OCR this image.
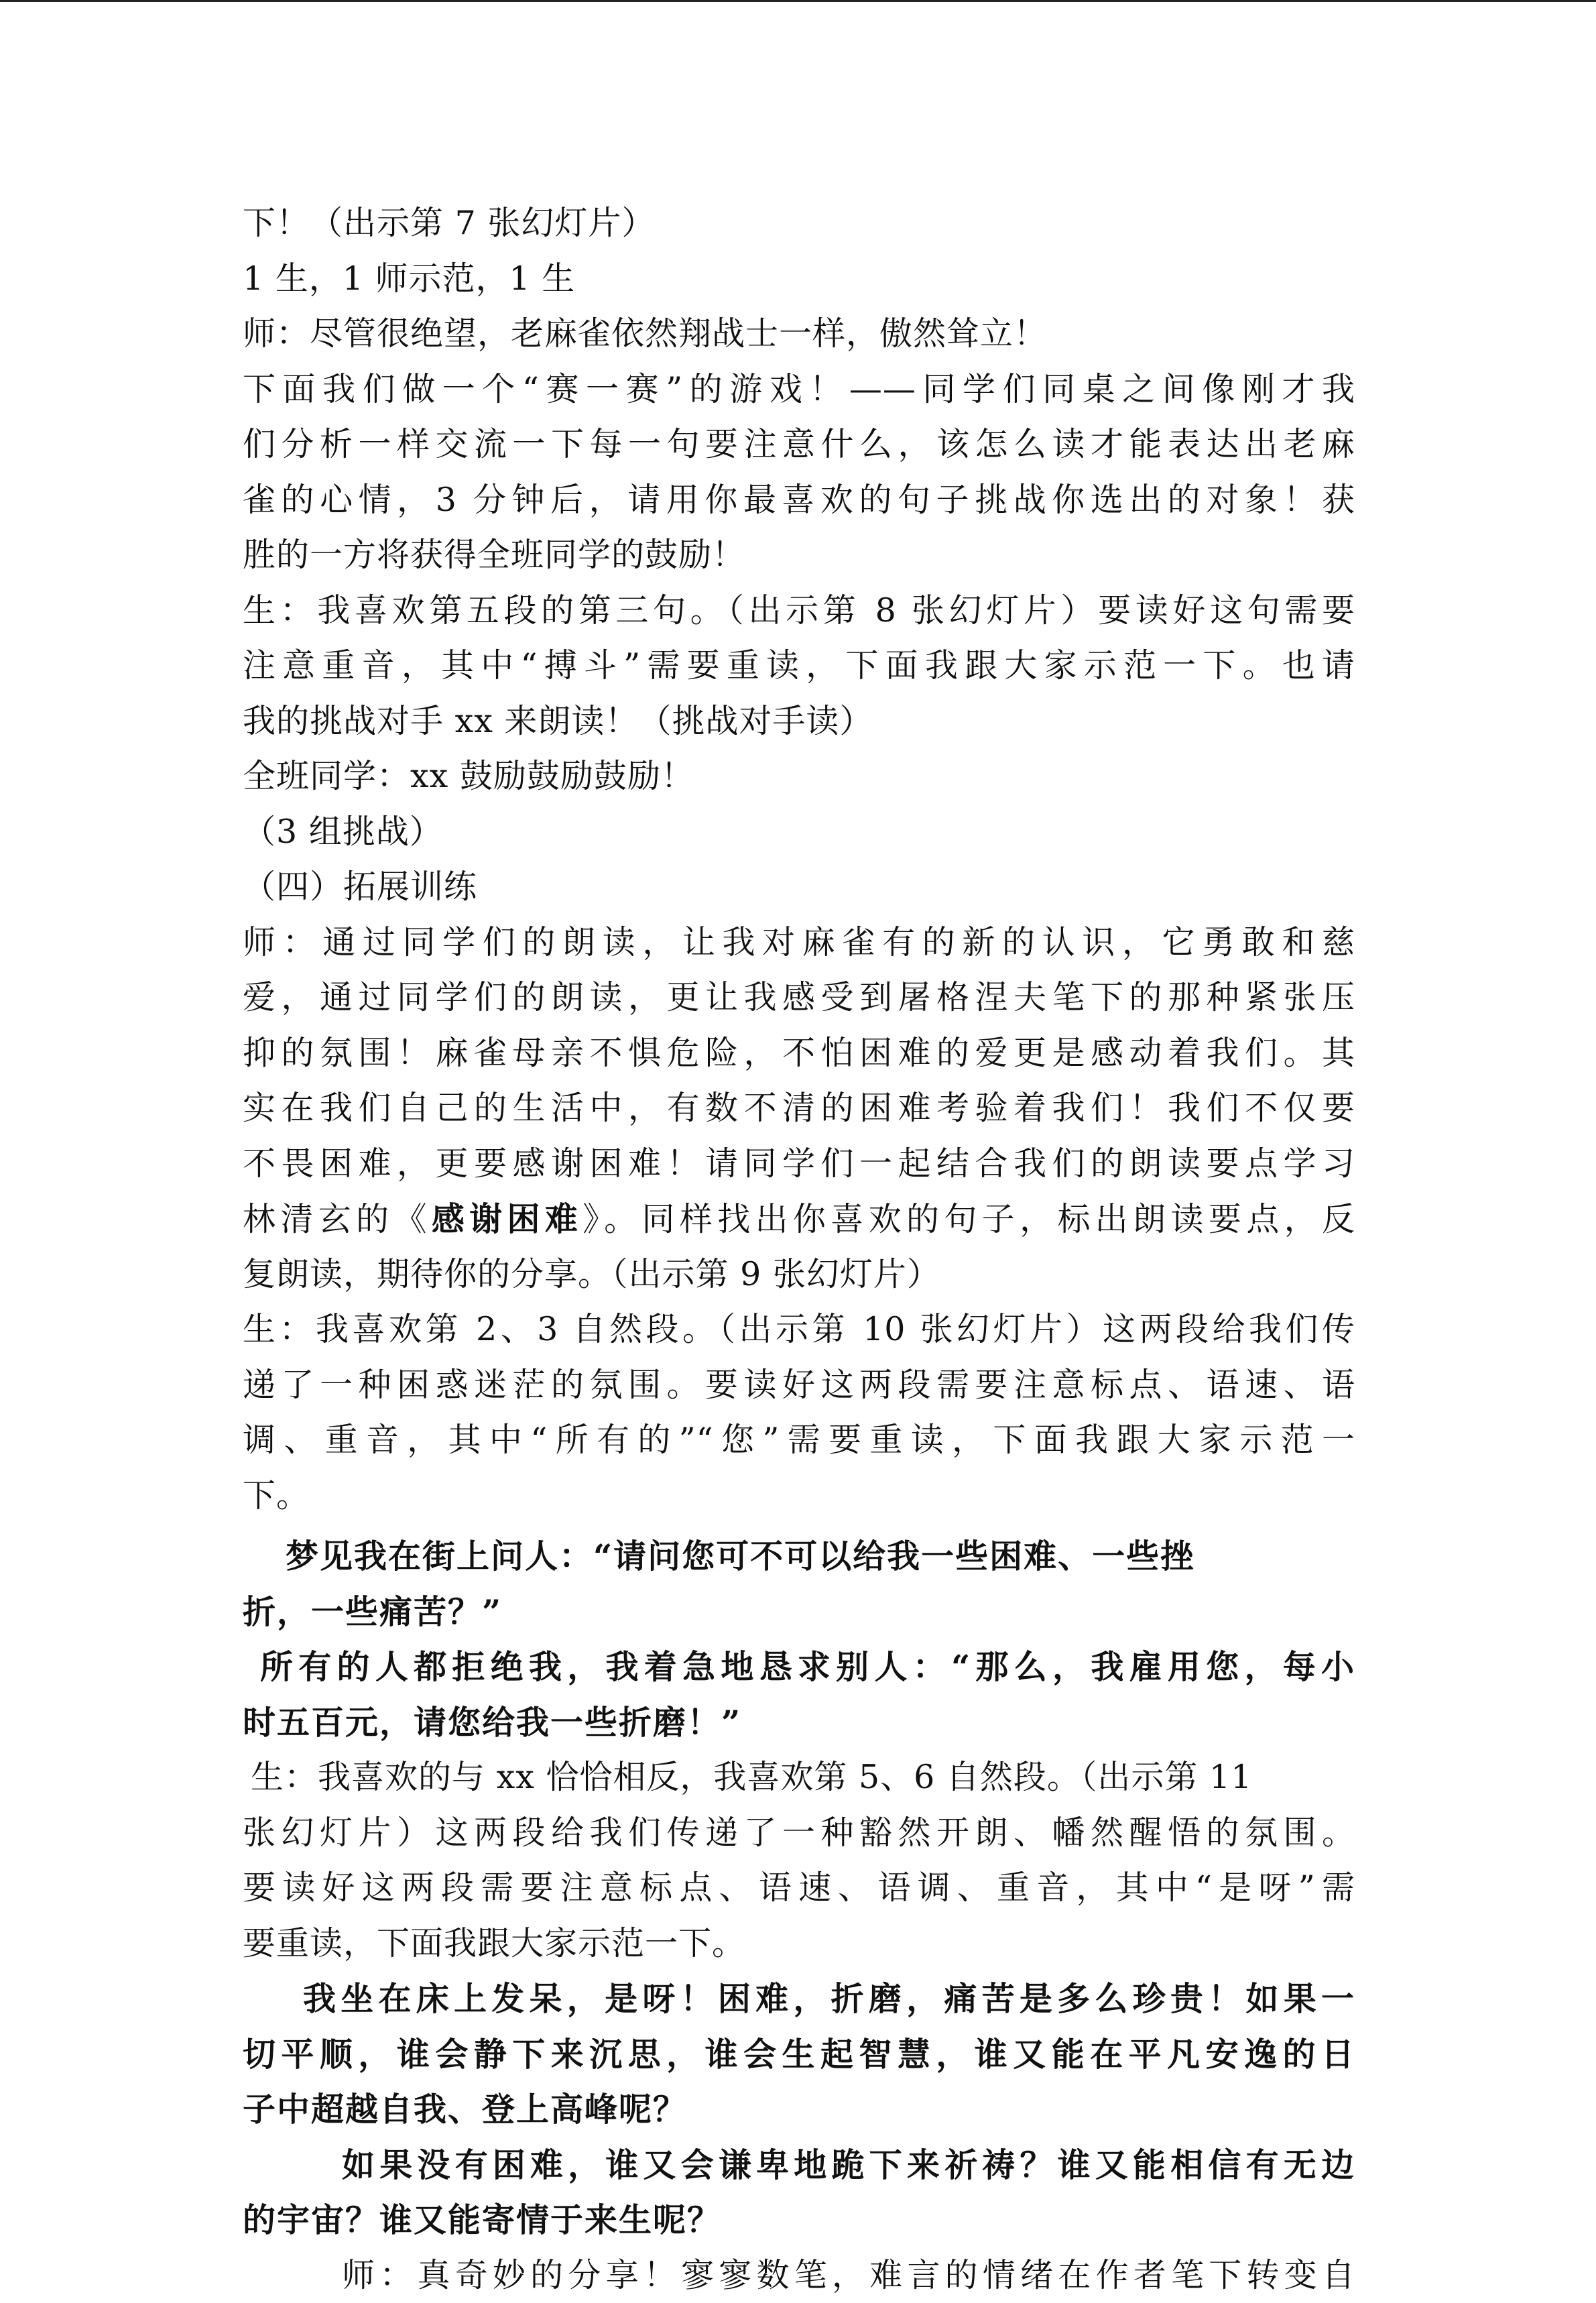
下！（出示第 7 张幻灯片）
1 生，1 师示范，1 生
师：尽管很绝望，老麻雀依然翔战士一样，傲然耸立！
下面我们做一个“赛一赛”的游戏！——同学们同桌之间像刚才我
们分析一样交流一下每一句要注意什么，该怎么读才能表达出老麻
雀的心情，3 分钟后，请用你最喜欢的句子挑战你选出的对象！获
胜的一方将获得全班同学的鼓励！
生：我喜欢第五段的第三句。（出示第 8 张幻灯片）要读好这句需要
注意重音，其中“搏斗”需要重读，下面我跟大家示范一下。也请
我的挑战对手 xx 来朗读！（挑战对手读）
全班同学：xx 鼓励鼓励鼓励！
（3 组挑战）
（四）拓展训练
师：通过同学们的朗读，让我对麻雀有的新的认识，它勇敢和慈
爱，通过同学们的朗读，更让我感受到屠格涅夫笔下的那种紧张压
抑的氛围！麻雀母亲不惧危险，不怕困难的爱更是感动着我们。其
实在我们自己的生活中，有数不清的困难考验着我们！我们不仅要
不畏困难，更要感谢困难！请同学们一起结合我们的朗读要点学习
林清玄的《感谢困难》。同样找出你喜欢的句子，标出朗读要点，反
复朗读，期待你的分享。（出示第 9 张幻灯片）
生：我喜欢第 2、3 自然段。（出示第 10 张幻灯片）这两段给我们传
递了一种困惑迷茫的氛围。要读好这两段需要注意标点、语速、语
调、重音，其中“所有的”“您”需要重读，下面我跟大家示范一
下。
梦见我在街上问人：“请问您可不可以给我一些困难、一些挫
折，一些痛苦？”
所有的人都拒绝我，我着急地恳求别人：“那么，我雇用您，每小
时五百元，请您给我一些折磨！”
生：我喜欢的与 xx 恰恰相反，我喜欢第 5、6 自然段。（出示第 11
张幻灯片）这两段给我们传递了一种豁然开朗、幡然醒悟的氛围。
要读好这两段需要注意标点、语速、语调、重音，其中“是呀”需
要重读，下面我跟大家示范一下。
我坐在床上发呆，是呀！困难，折磨，痛苦是多么珍贵！如果一
切平顺，谁会静下来沉思，谁会生起智慧，谁又能在平凡安逸的日
子中超越自我、登上高峰呢？
如果没有困难，谁又会谦卑地跪下来祈祷？谁又能相信有无边
的宇宙？谁又能寄情于来生呢？
师：真奇妙的分享！寥寥数笔，难言的情绪在作者笔下转变自
